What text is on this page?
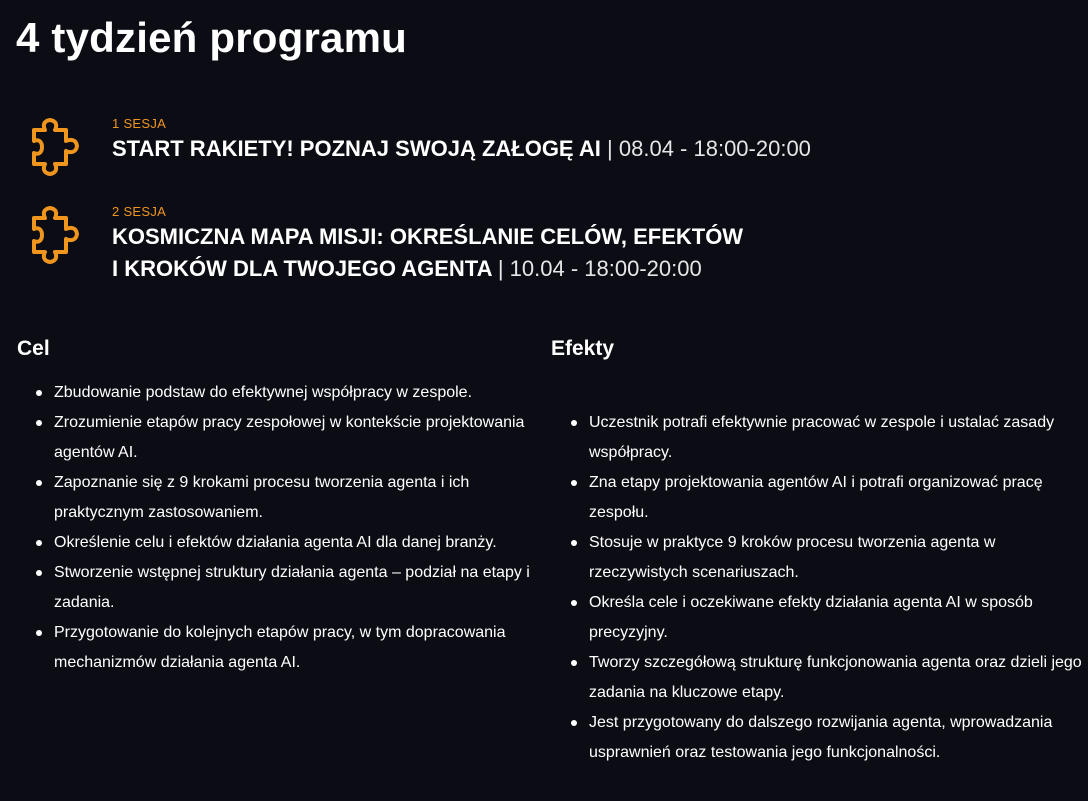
4 tydzień programu
1 SESJA
START RAKIETY! POZNAJ SWOJĄ ZAŁOGĘ AI | 08.04 - 18:00-20:00
2 SESJA
KOSMICZNA MAPA MISJI: OKREŚLANIE CELÓW, EFEKTÓW
I KROKÓW DLA TWOJEGO AGENTA | 10.04 - 18:00-20:00
Cel
Zbudowanie podstaw do efektywnej współpracy w zespole.
Zrozumienie etapów pracy zespołowej w kontekście projektowania agentów AI.
Zapoznanie się z 9 krokami procesu tworzenia agenta i ich praktycznym zastosowaniem.
Określenie celu i efektów działania agenta AI dla danej branży.
Stworzenie wstępnej struktury działania agenta – podział na etapy i zadania.
Przygotowanie do kolejnych etapów pracy, w tym dopracowania mechanizmów działania agenta AI.
Efekty
Uczestnik potrafi efektywnie pracować w zespole i ustalać zasady współpracy.
Zna etapy projektowania agentów AI i potrafi organizować pracę zespołu.
Stosuje w praktyce 9 kroków procesu tworzenia agenta w rzeczywistych scenariuszach.
Określa cele i oczekiwane efekty działania agenta AI w sposób precyzyjny.
Tworzy szczegółową strukturę funkcjonowania agenta oraz dzieli jego zadania na kluczowe etapy.
Jest przygotowany do dalszego rozwijania agenta, wprowadzania usprawnień oraz testowania jego funkcjonalności.
